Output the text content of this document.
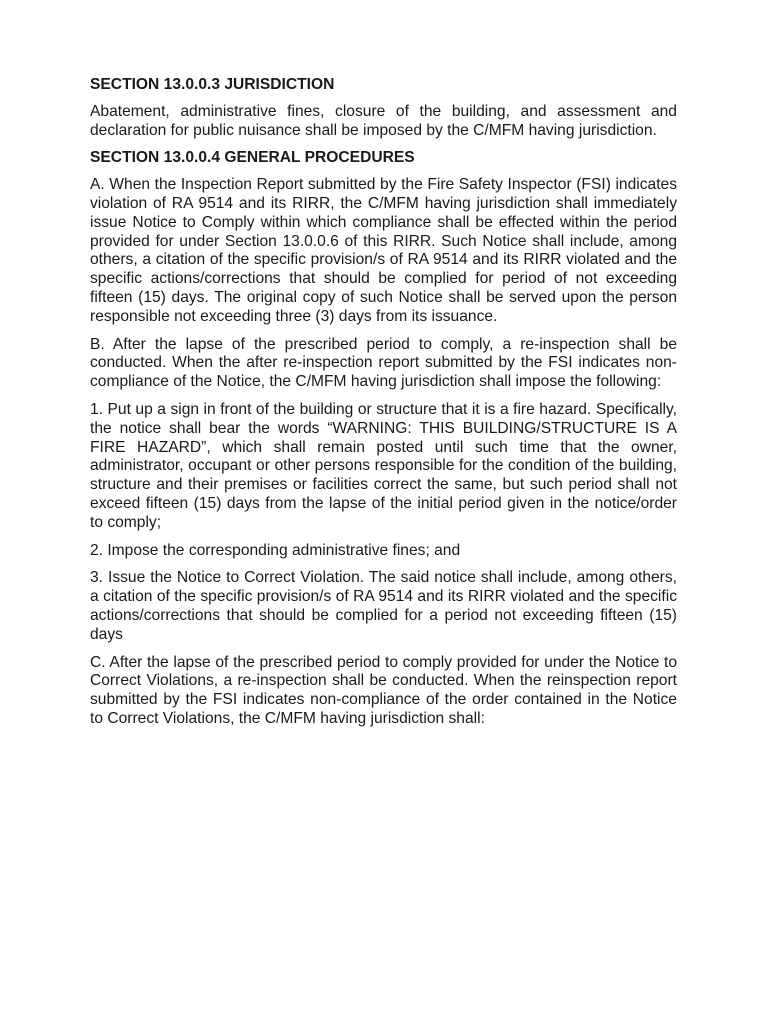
SECTION 13.0.0.3 JURISDICTION
Abatement, administrative fines, closure of the building, and assessment and declaration for public nuisance shall be imposed by the C/MFM having jurisdiction.
SECTION 13.0.0.4 GENERAL PROCEDURES
A. When the Inspection Report submitted by the Fire Safety Inspector (FSI) indicates violation of RA 9514 and its RIRR, the C/MFM having jurisdiction shall immediately issue Notice to Comply within which compliance shall be effected within the period provided for under Section 13.0.0.6 of this RIRR. Such Notice shall include, among others, a citation of the specific provision/s of RA 9514 and its RIRR violated and the specific actions/corrections that should be complied for period of not exceeding fifteen (15) days. The original copy of such Notice shall be served upon the person responsible not exceeding three (3) days from its issuance.
B. After the lapse of the prescribed period to comply, a re-inspection shall be conducted. When the after re-inspection report submitted by the FSI indicates non-compliance of the Notice, the C/MFM having jurisdiction shall impose the following:
1. Put up a sign in front of the building or structure that it is a fire hazard. Specifically, the notice shall bear the words “WARNING: THIS BUILDING/STRUCTURE IS A FIRE HAZARD”, which shall remain posted until such time that the owner, administrator, occupant or other persons responsible for the condition of the building, structure and their premises or facilities correct the same, but such period shall not exceed fifteen (15) days from the lapse of the initial period given in the notice/order to comply;
2. Impose the corresponding administrative fines; and
3. Issue the Notice to Correct Violation. The said notice shall include, among others, a citation of the specific provision/s of RA 9514 and its RIRR violated and the specific actions/corrections that should be complied for a period not exceeding fifteen (15) days
C. After the lapse of the prescribed period to comply provided for under the Notice to Correct Violations, a re-inspection shall be conducted. When the reinspection report submitted by the FSI indicates non-compliance of the order contained in the Notice to Correct Violations, the C/MFM having jurisdiction shall:
